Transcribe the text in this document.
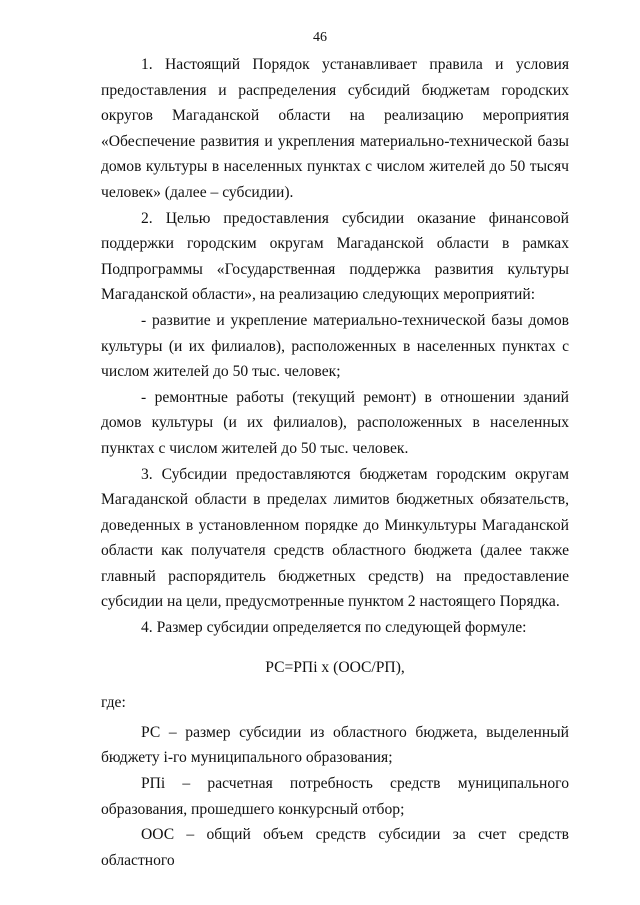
46

1. Настоящий Порядок устанавливает правила и условия предоставления и распределения субсидий бюджетам городских округов Магаданской области на реализацию мероприятия «Обеспечение развития и укрепления материально-технической базы домов культуры в населенных пунктах с числом жителей до 50 тысяч человек» (далее – субсидии).

2. Целью предоставления субсидии оказание финансовой поддержки городским округам Магаданской области в рамках Подпрограммы «Государственная поддержка развития культуры Магаданской области», на реализацию следующих мероприятий:

- развитие и укрепление материально-технической базы домов культуры (и их филиалов), расположенных в населенных пунктах с числом жителей до 50 тыс. человек;

- ремонтные работы (текущий ремонт) в отношении зданий домов культуры (и их филиалов), расположенных в населенных пунктах с числом жителей до 50 тыс. человек.

3. Субсидии предоставляются бюджетам городским округам Магаданской области в пределах лимитов бюджетных обязательств, доведенных в установленном порядке до Минкультуры Магаданской области как получателя средств областного бюджета (далее также главный распорядитель бюджетных средств) на предоставление субсидии на цели, предусмотренные пунктом 2 настоящего Порядка.

4. Размер субсидии определяется по следующей формуле:

РС=РПi x (ООС/РП),

где:

РС – размер субсидии из областного бюджета, выделенный бюджету i-го муниципального образования;

РПi – расчетная потребность средств муниципального образования, прошедшего конкурсный отбор;

ООС – общий объем средств субсидии за счет средств областного
